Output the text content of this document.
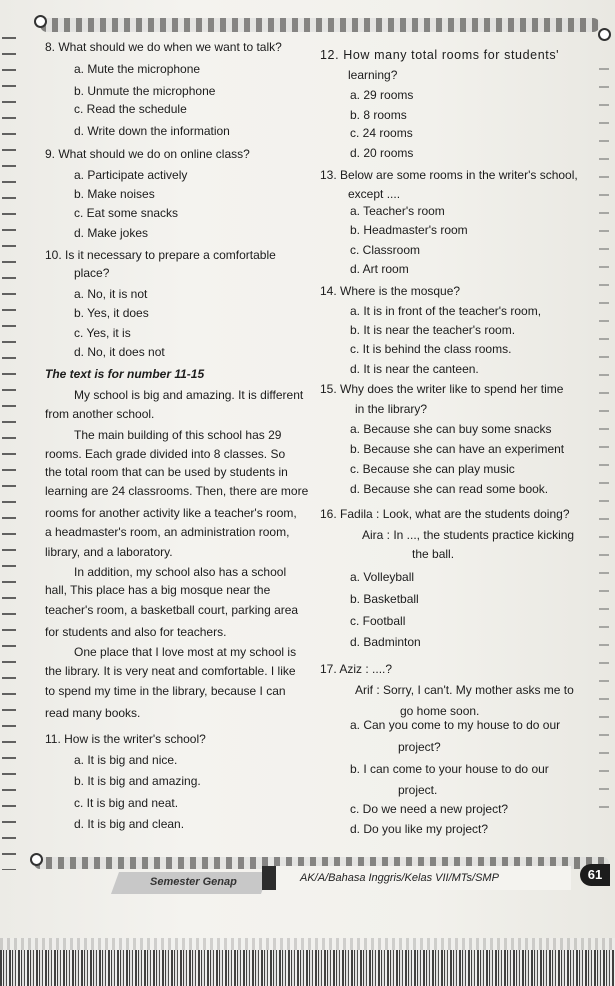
8. What should we do when we want to talk?
a. Mute the microphone
b. Unmute the microphone
c. Read the schedule
d. Write down the information
9. What should we do on online class?
a. Participate actively
b. Make noises
c. Eat some snacks
d. Make jokes
10. Is it necessary to prepare a comfortable
place?
a. No, it is not
b. Yes, it does
c. Yes, it is
d. No, it does not
The text is for number 11-15
My school is big and amazing. It is different
from another school.
The main building of this school has 29
rooms. Each grade divided into 8 classes. So
the total room that can be used by students in
learning are 24 classrooms. Then, there are more
rooms for another activity like a teacher's room,
a headmaster's room, an administration room,
library, and a laboratory.
In addition, my school also has a school
hall, This place has a big mosque near the
teacher's room, a basketball court, parking area
for students and also for teachers.
One place that I love most at my school is
the library. It is very neat and comfortable. I like
to spend my time in the library, because I can
read many books.
11. How is the writer's school?
a. It is big and nice.
b. It is big and amazing.
c. It is big and neat.
d. It is big and clean.
12. How many total rooms for students'
learning?
a. 29 rooms
b. 8 rooms
c. 24 rooms
d. 20 rooms
13. Below are some rooms in the writer's school,
except ....
a. Teacher's room
b. Headmaster's room
c. Classroom
d. Art room
14. Where is the mosque?
a. It is in front of the teacher's room,
b. It is near the teacher's room.
c. It is behind the class rooms.
d. It is near the canteen.
15. Why does the writer like to spend her time
in the library?
a. Because she can buy some snacks
b. Because she can have an experiment
c. Because she can play music
d. Because she can read some book.
16. Fadila : Look, what are the students doing?
Aira : In ..., the students practice kicking
the ball.
a. Volleyball
b. Basketball
c. Football
d. Badminton
17. Aziz : ....?
Arif : Sorry, I can't. My mother asks me to
go home soon.
a. Can you come to my house to do our
project?
b. I can come to your house to do our
project.
c. Do we need a new project?
d. Do you like my project?
Semester Genap	AK/A/Bahasa Inggris/Kelas VII/MTs/SMP	61
